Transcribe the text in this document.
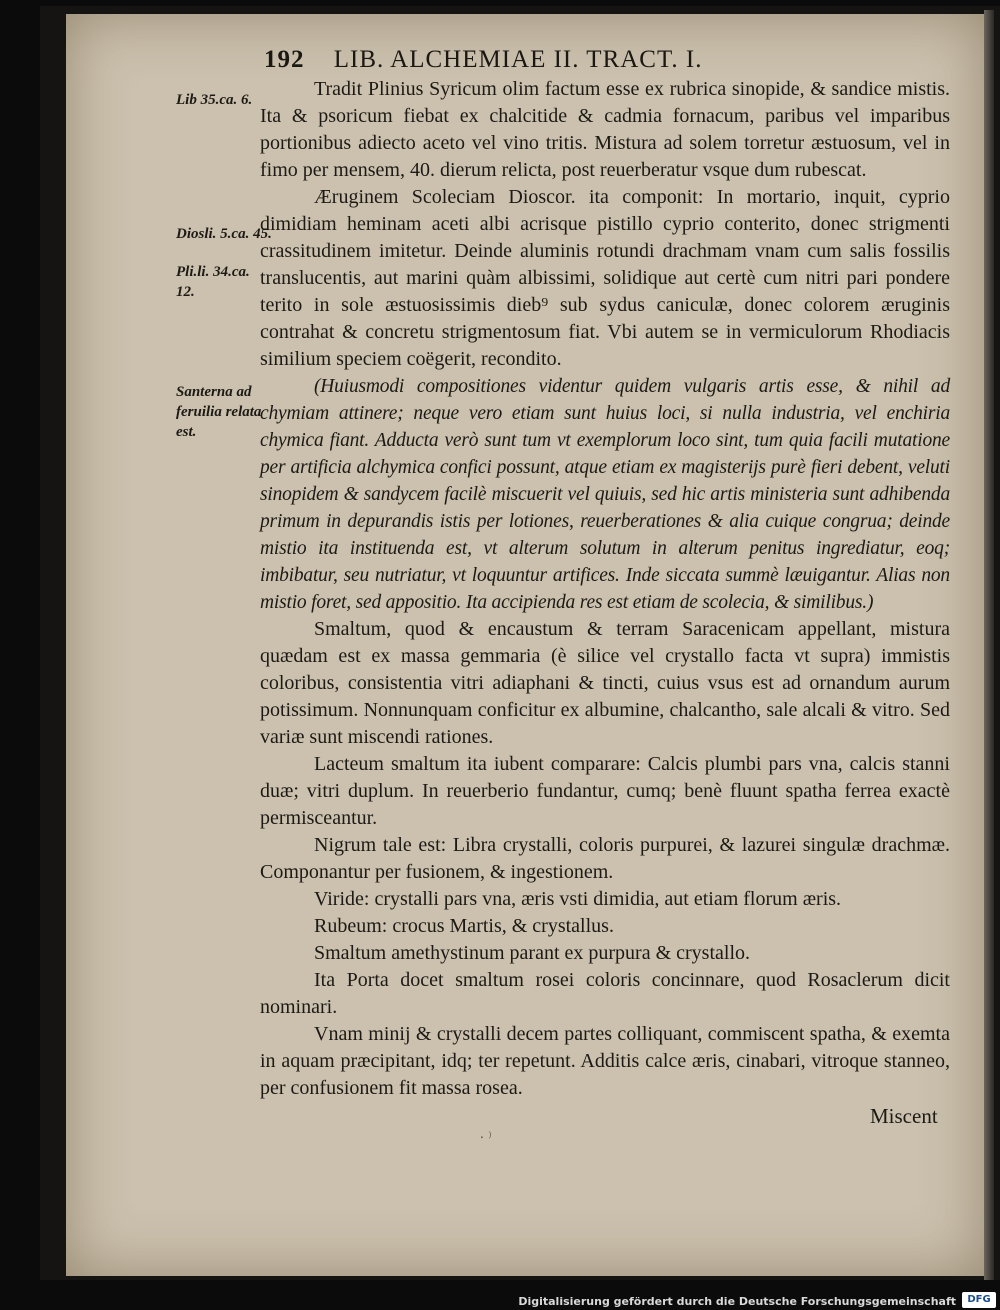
192 LIB. ALCHEMIAE II. TRACT. I.
Lib 35.ca. 6.
Diosli. 5.ca. 45.
Pli.li. 34.ca. 12.
Santerna ad feruilia relata est.

Tradit Plinius Syricum olim factum esse ex rubrica sinopide, & sandice mistis. Ita & psoricum fiebat ex chalcitide & cadmia fornacum, paribus vel imparibus portionibus adiecto aceto vel vino tritis. Mistura ad solem torretur æstuosum, vel in fimo per mensem, 40. dierum relicta, post reuerberatur vsque dum rubescat.

Æruginem Scoleciam Dioscor. ita componit: In mortario, inquit, cyprio dimidiam heminam aceti albi acrisque pistillo cyprio conterito, donec strigmenti crassitudinem imitetur. Deinde aluminis rotundi drachmam vnam cum salis fossilis translucentis, aut marini quàm albissimi, solidique aut certè cum nitri pari pondere terito in sole æstuosissimis dieb⁹ sub sydus caniculæ, donec colorem æruginis contrahat & concretu strigmentosum fiat. Vbi autem se in vermiculorum Rhodiacis similium speciem coëgerit, recondito.

(Huiusmodi compositiones videntur quidem vulgaris artis esse, & nihil ad chymiam attinere; neque vero etiam sunt huius loci, si nulla industria, vel enchiria chymica fiant. Adducta verò sunt tum vt exemplorum loco sint, tum quia facili mutatione per artificia alchymica confici possunt, atque etiam ex magisterijs purè fieri debent, veluti sinopidem & sandycem facilè miscuerit vel quiuis, sed hic artis ministeria sunt adhibenda primum in depurandis istis per lotiones, reuerberationes & alia cuique congrua; deinde mistio ita instituenda est, vt alterum solutum in alterum penitus ingrediatur, eoq; imbibatur, seu nutriatur, vt loquuntur artifices. Inde siccata summè læuigantur. Alias non mistio foret, sed appositio. Ita accipienda res est etiam de scolecia, & similibus.)

Smaltum, quod & encaustum & terram Saracenicam appellant, mistura quædam est ex massa gemmaria (è silice vel crystallo facta vt supra) immistis coloribus, consistentia vitri adiaphani & tincti, cuius vsus est ad ornandum aurum potissimum. Nonnunquam conficitur ex albumine, chalcantho, sale alcali & vitro. Sed variæ sunt miscendi rationes.

Lacteum smaltum ita iubent comparare: Calcis plumbi pars vna, calcis stanni duæ; vitri duplum. In reuerberio fundantur, cumq; benè fluunt spatha ferrea exactè permisceantur.

Nigrum tale est: Libra crystalli, coloris purpurei, & lazurei singulæ drachmæ. Componantur per fusionem, & ingestionem.

Viride: crystalli pars vna, æris vsti dimidia, aut etiam florum æris.

Rubeum: crocus Martis, & crystallus.

Smaltum amethystinum parant ex purpura & crystallo.

Ita Porta docet smaltum rosei coloris concinnare, quod Rosaclerum dicit nominari.

Vnam minij & crystalli decem partes colliquant, commiscent spatha, & exemta in aquam præcipitant, idq; ter repetunt. Additis calce æris, cinabari, vitroque stanneo, per confusionem fit massa rosea.

⸱ ⁾
Miscent
Digitalisierung gefördert durch die Deutsche Forschungsgemeinschaft	DFG
